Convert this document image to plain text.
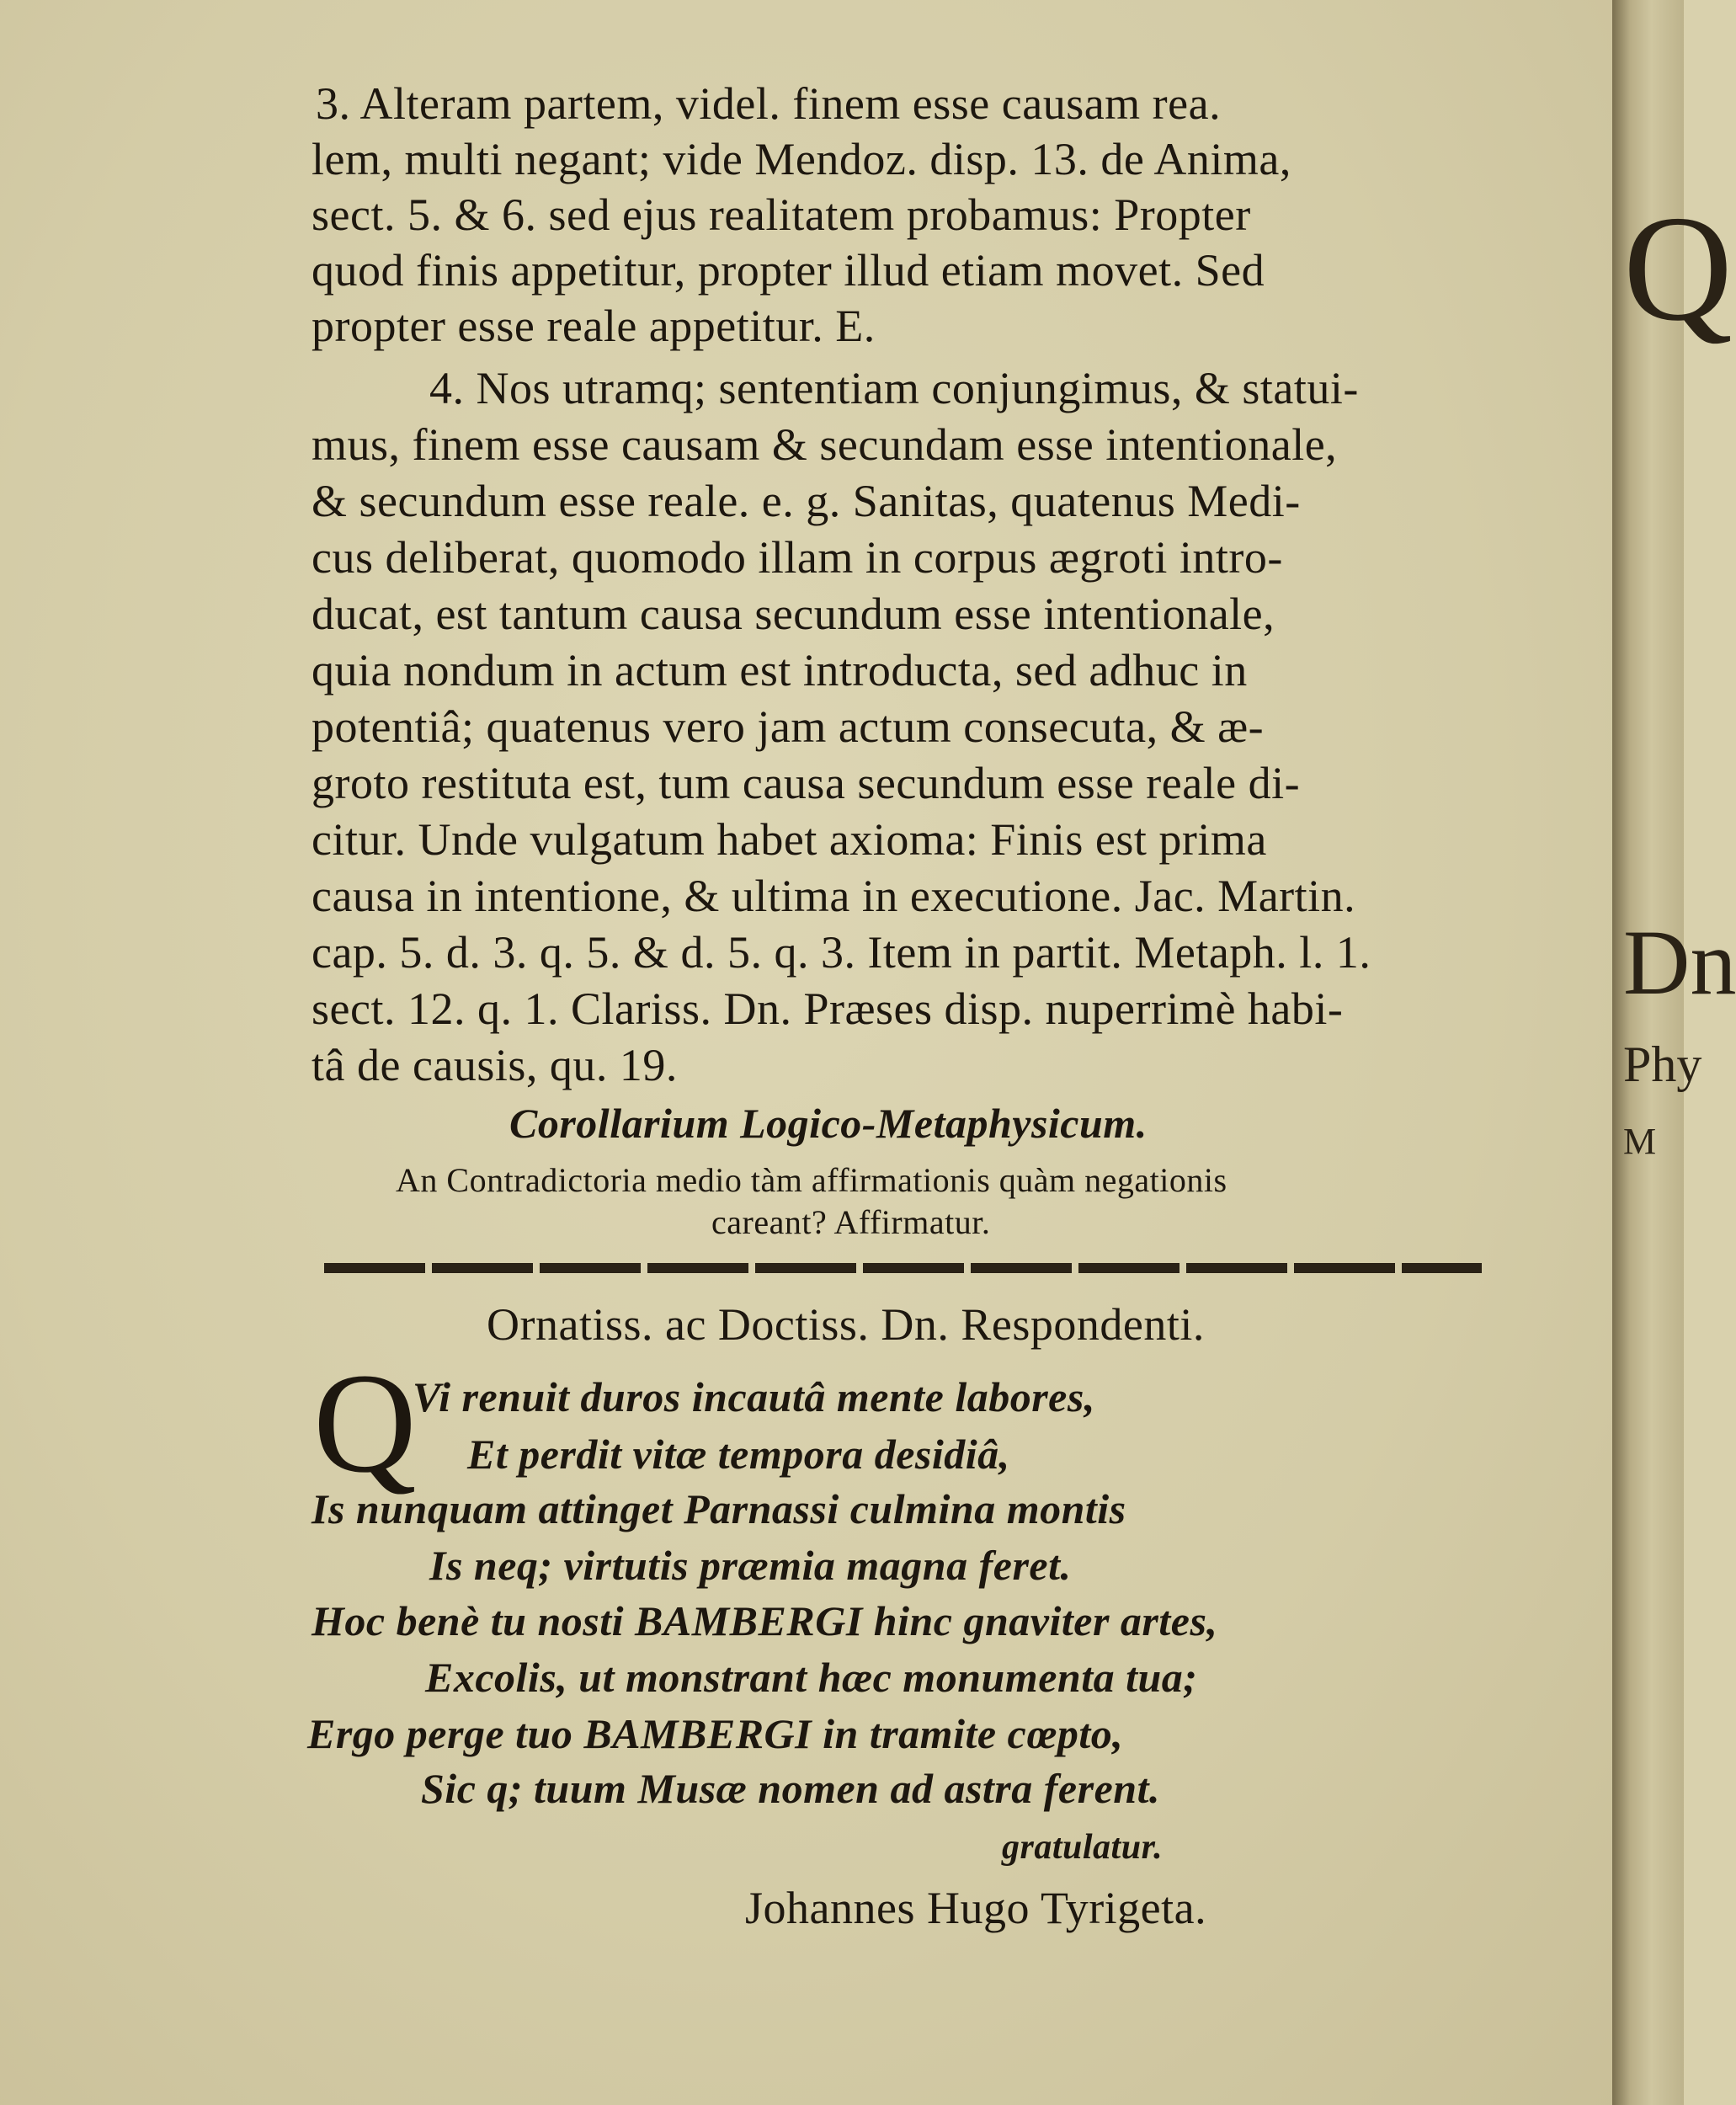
Q
Dn
Phy
M
3. Alteram partem, videl. finem esse causam rea.
lem, multi negant; vide Mendoz. disp. 13. de Anima,
sect. 5. & 6. sed ejus realitatem probamus: Propter
quod finis appetitur, propter illud etiam movet. Sed
propter esse reale appetitur. E.
4. Nos utramq; sententiam conjungimus, & statui-
mus, finem esse causam & secundam esse intentionale,
& secundum esse reale. e. g. Sanitas, quatenus Medi-
cus deliberat, quomodo illam in corpus ægroti intro-
ducat, est tantum causa secundum esse intentionale,
quia nondum in actum est introducta, sed adhuc in
potentiâ; quatenus vero jam actum consecuta, & æ-
groto restituta est, tum causa secundum esse reale di-
citur. Unde vulgatum habet axioma: Finis est prima
causa in intentione, & ultima in executione. Jac. Martin.
cap. 5. d. 3. q. 5. & d. 5. q. 3. Item in partit. Metaph. l. 1.
sect. 12. q. 1. Clariss. Dn. Præses disp. nuperrimè habi-
tâ de causis, qu. 19.
Corollarium Logico-Metaphysicum.
An Contradictoria medio tàm affirmationis quàm negationis
careant? Affirmatur.
Ornatiss. ac Doctiss. Dn. Respondenti.
Q
Vi renuit duros incautâ mente labores,
Et perdit vitæ tempora desidiâ,
Is nunquam attinget Parnassi culmina montis
Is neq; virtutis præmia magna feret.
Hoc benè tu nosti BAMBERGI hinc gnaviter artes,
Excolis, ut monstrant hæc monumenta tua;
Ergo perge tuo BAMBERGI in tramite cœpto,
Sic q; tuum Musæ nomen ad astra ferent.
gratulatur.
Johannes Hugo Tyrigeta.
